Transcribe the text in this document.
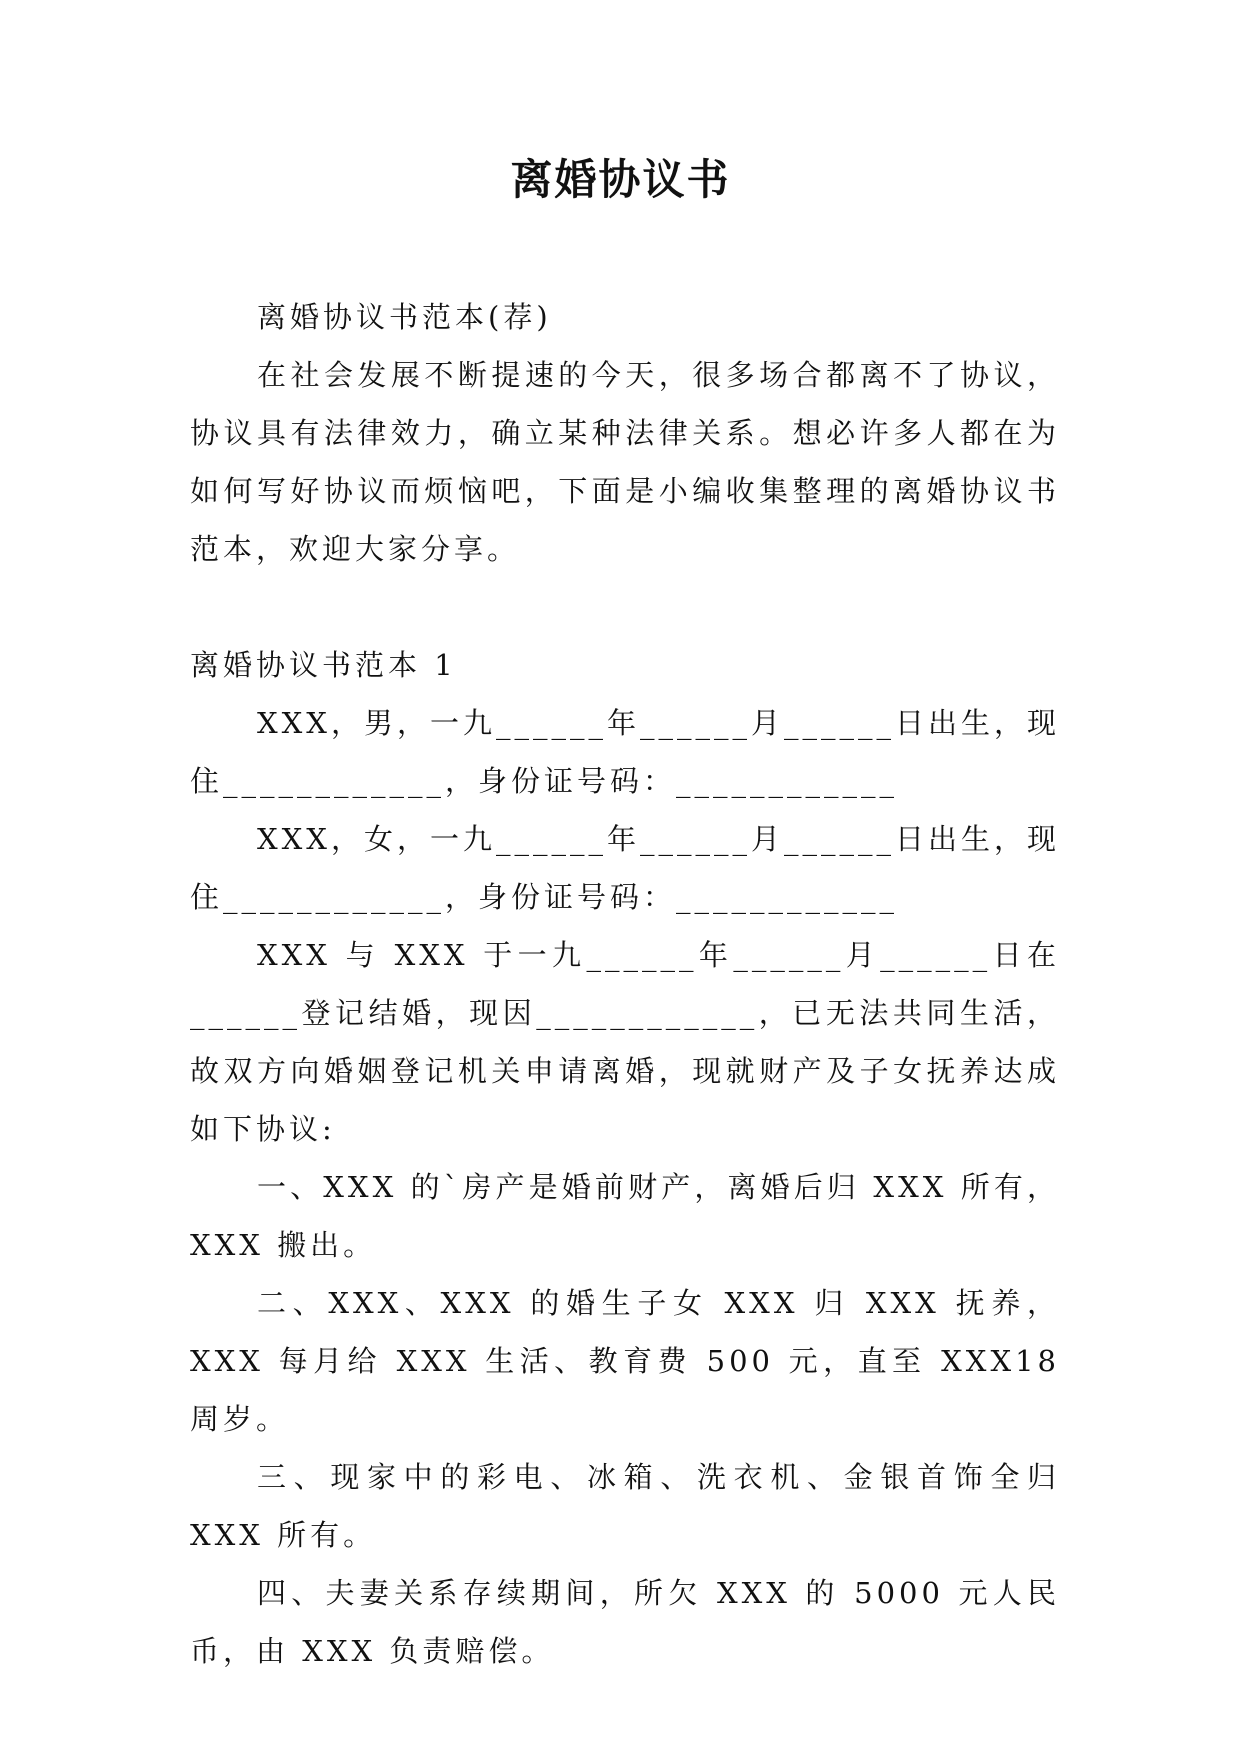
离婚协议书

离婚协议书范本(荐)

在社会发展不断提速的今天，很多场合都离不了协议，协议具有法律效力，确立某种法律关系。想必许多人都在为如何写好协议而烦恼吧，下面是小编收集整理的离婚协议书范本，欢迎大家分享。

离婚协议书范本 1

XXX，男，一九______年______月______日出生，现住____________，身份证号码：____________

XXX，女，一九______年______月______日出生，现住____________，身份证号码：____________

XXX 与 XXX 于一九______年______月______日在______登记结婚，现因____________，已无法共同生活，故双方向婚姻登记机关申请离婚，现就财产及子女抚养达成如下协议:

一、XXX 的`房产是婚前财产，离婚后归 XXX 所有，XXX 搬出。

二、XXX、XXX 的婚生子女 XXX 归 XXX 抚养，XXX 每月给 XXX 生活、教育费 500 元，直至 XXX18 周岁。

三、现家中的彩电、冰箱、洗衣机、金银首饰全归 XXX 所有。

四、夫妻关系存续期间，所欠 XXX 的 5000 元人民币，由 XXX 负责赔偿。
